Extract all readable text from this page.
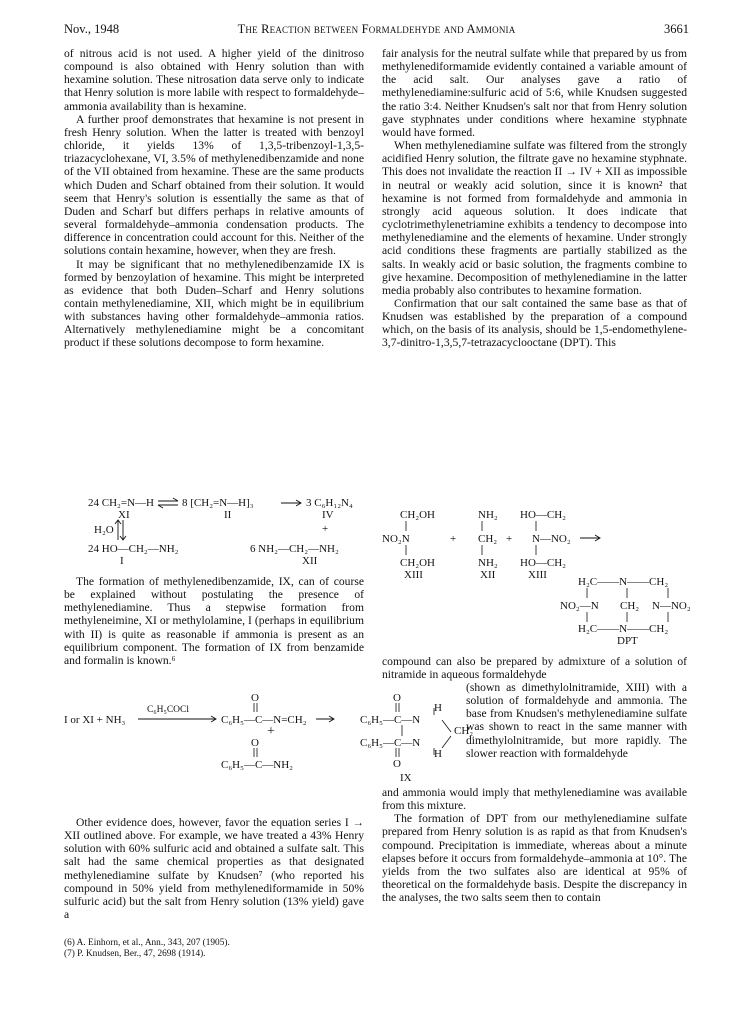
Nov., 1948	The Reaction between Formaldehyde and Ammonia	3661

of nitrous acid is not used. A higher yield of the dinitroso compound is also obtained with Henry solution than with hexamine solution. These nitrosation data serve only to indicate that Henry solution is more labile with respect to formaldehyde–ammonia availability than is hexamine.

A further proof demonstrates that hexamine is not present in fresh Henry solution. When the latter is treated with benzoyl chloride, it yields 13% of 1,3,5-tribenzoyl-1,3,5-triazacyclohexane, VI, 3.5% of methylenedibenzamide and none of the VII obtained from hexamine. These are the same products which Duden and Scharf obtained from their solution. It would seem that Henry's solution is essentially the same as that of Duden and Scharf but differs perhaps in relative amounts of several formaldehyde–ammonia condensation products. The difference in concentration could account for this. Neither of the solutions contain hexamine, however, when they are fresh.

It may be significant that no methylenedibenzamide IX is formed by benzoylation of hexamine. This might be interpreted as evidence that both Duden–Scharf and Henry solutions contain methylenediamine, XII, which might be in equilibrium with substances having other formaldehyde–ammonia ratios. Alternatively methylenediamine might be a concomitant product if these solutions decompose to form hexamine.

24 CH₂=N—H ⇌ 8 [CH₂=N—H]₃	3 C₆H₁₂N₄
XI	II	IV
H₂O	+
24 HO—CH₂—NH₂	6 NH₂—CH₂—NH₂
I	XII

The formation of methylenedibenzamide, IX, can of course be explained without postulating the presence of methylenediamine. Thus a stepwise formation from methyleneimine, XI or methylolamine, I (perhaps in equilibrium with II) is quite as reasonable if ammonia is present as an equilibrium component. The formation of IX from benzamide and formalin is known.⁶

O
C₆H₅COCl
I or XI + NH₃	C₆H₅—C—N=CH₂
+
O
C₆H₅—C—NH₂
O
H
C₆H₅—C—N
CH₂
C₆H₅—C—N
H
O
IX

Other evidence does, however, favor the equation series I → XII outlined above. For example, we have treated a 43% Henry solution with 60% sulfuric acid and obtained a sulfate salt. This salt had the same chemical properties as that designated methylenediamine sulfate by Knudsen⁷ (who reported his compound in 50% yield from methylenediformamide in 50% sulfuric acid) but the salt from Henry solution (13% yield) gave a

(6) A. Einhorn, et al., Ann., 343, 207 (1905).
(7) P. Knudsen, Ber., 47, 2698 (1914).

fair analysis for the neutral sulfate while that prepared by us from methylenediformamide evidently contained a variable amount of the acid salt. Our analyses gave a ratio of methylenediamine:sulfuric acid of 5:6, while Knudsen suggested the ratio 3:4. Neither Knudsen's salt nor that from Henry solution gave styphnates under conditions where hexamine styphnate would have formed.

When methylenediamine sulfate was filtered from the strongly acidified Henry solution, the filtrate gave no hexamine styphnate. This does not invalidate the reaction II → IV + XII as impossible in neutral or weakly acid solution, since it is known² that hexamine is not formed from formaldehyde and ammonia in strongly acid aqueous solution. It does indicate that cyclotrimethylenetriamine exhibits a tendency to decompose into methylenediamine and the elements of hexamine. Under strongly acid conditions these fragments are partially stabilized as the salts. In weakly acid or basic solution, the fragments combine to give hexamine. Decomposition of methylenediamine in the latter media probably also contributes to hexamine formation.

Confirmation that our salt contained the same base as that of Knudsen was established by the preparation of a compound which, on the basis of its analysis, should be 1,5-endomethylene-3,7-dinitro-1,3,5,7-tetrazacyclooctane (DPT). This

CH₂OH	NH₂ HO—CH₂
NO₂N	+ CH₂ + N—NO₂
CH₂OH	NH₂ HO—CH₂
XIII	XII	XIII
H₂C——N——CH₂
NO₂—N CH₂ N—NO₂
H₂C——N——CH₂
DPT

compound can also be prepared by admixture of a solution of nitramide in aqueous formaldehyde

(shown as dimethylolnitramide, XIII) with a solution of formaldehyde and ammonia. The base from Knudsen's methylenediamine sulfate was shown to react in the same manner with dimethylolnitramide, but more rapidly. The slower reaction with formaldehyde

and ammonia would imply that methylenediamine was available from this mixture.

The formation of DPT from our methylenediamine sulfate prepared from Henry solution is as rapid as that from Knudsen's compound. Precipitation is immediate, whereas about a minute elapses before it occurs from formaldehyde–ammonia at 10°. The yields from the two sulfates also are identical at 95% of theoretical on the formaldehyde basis. Despite the discrepancy in the analyses, the two salts seem then to contain
